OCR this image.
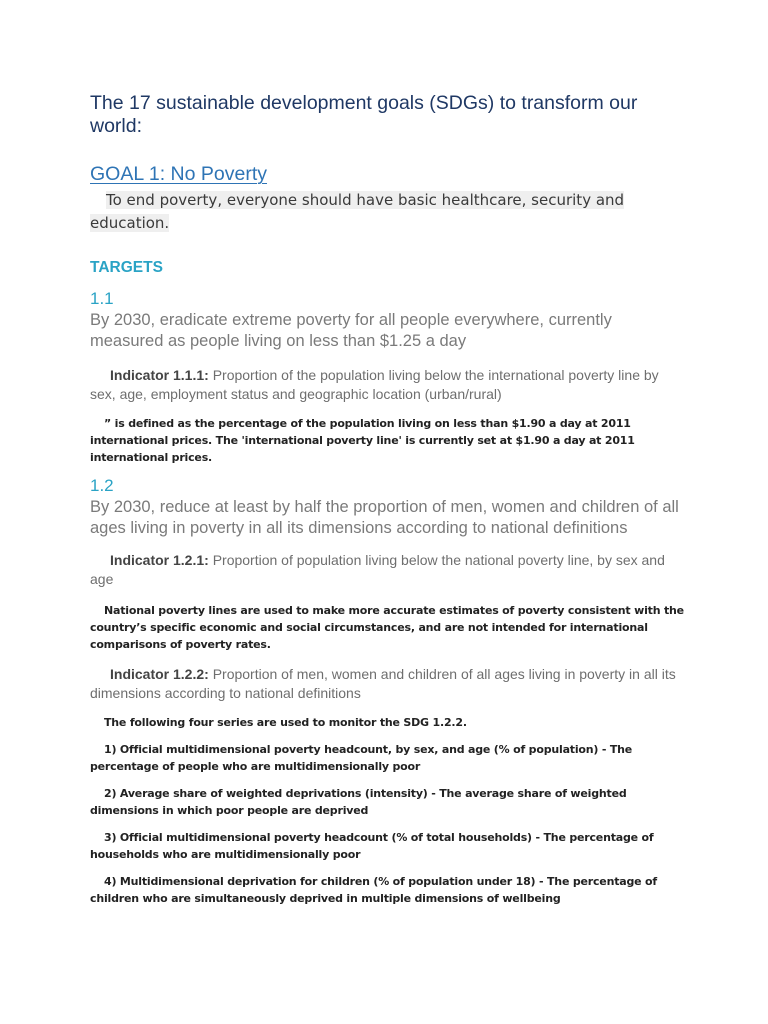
The 17 sustainable development goals (SDGs) to transform our world:
GOAL 1: No Poverty
To end poverty, everyone should have basic healthcare, security and education.
TARGETS
1.1
By 2030, eradicate extreme poverty for all people everywhere, currently measured as people living on less than $1.25 a day
Indicator 1.1.1: Proportion of the population living below the international poverty line by sex, age, employment status and geographic location (urban/rural)
” is defined as the percentage of the population living on less than $1.90 a day at 2011 international prices. The 'international poverty line' is currently set at $1.90 a day at 2011 international prices.
1.2
By 2030, reduce at least by half the proportion of men, women and children of all ages living in poverty in all its dimensions according to national definitions
Indicator 1.2.1: Proportion of population living below the national poverty line, by sex and age
National poverty lines are used to make more accurate estimates of poverty consistent with the country’s specific economic and social circumstances, and are not intended for international comparisons of poverty rates.
Indicator 1.2.2: Proportion of men, women and children of all ages living in poverty in all its dimensions according to national definitions
The following four series are used to monitor the SDG 1.2.2.
1) Official multidimensional poverty headcount, by sex, and age (% of population) - The percentage of people who are multidimensionally poor
2) Average share of weighted deprivations (intensity) - The average share of weighted dimensions in which poor people are deprived
3) Official multidimensional poverty headcount (% of total households) - The percentage of households who are multidimensionally poor
4) Multidimensional deprivation for children (% of population under 18) - The percentage of children who are simultaneously deprived in multiple dimensions of wellbeing
